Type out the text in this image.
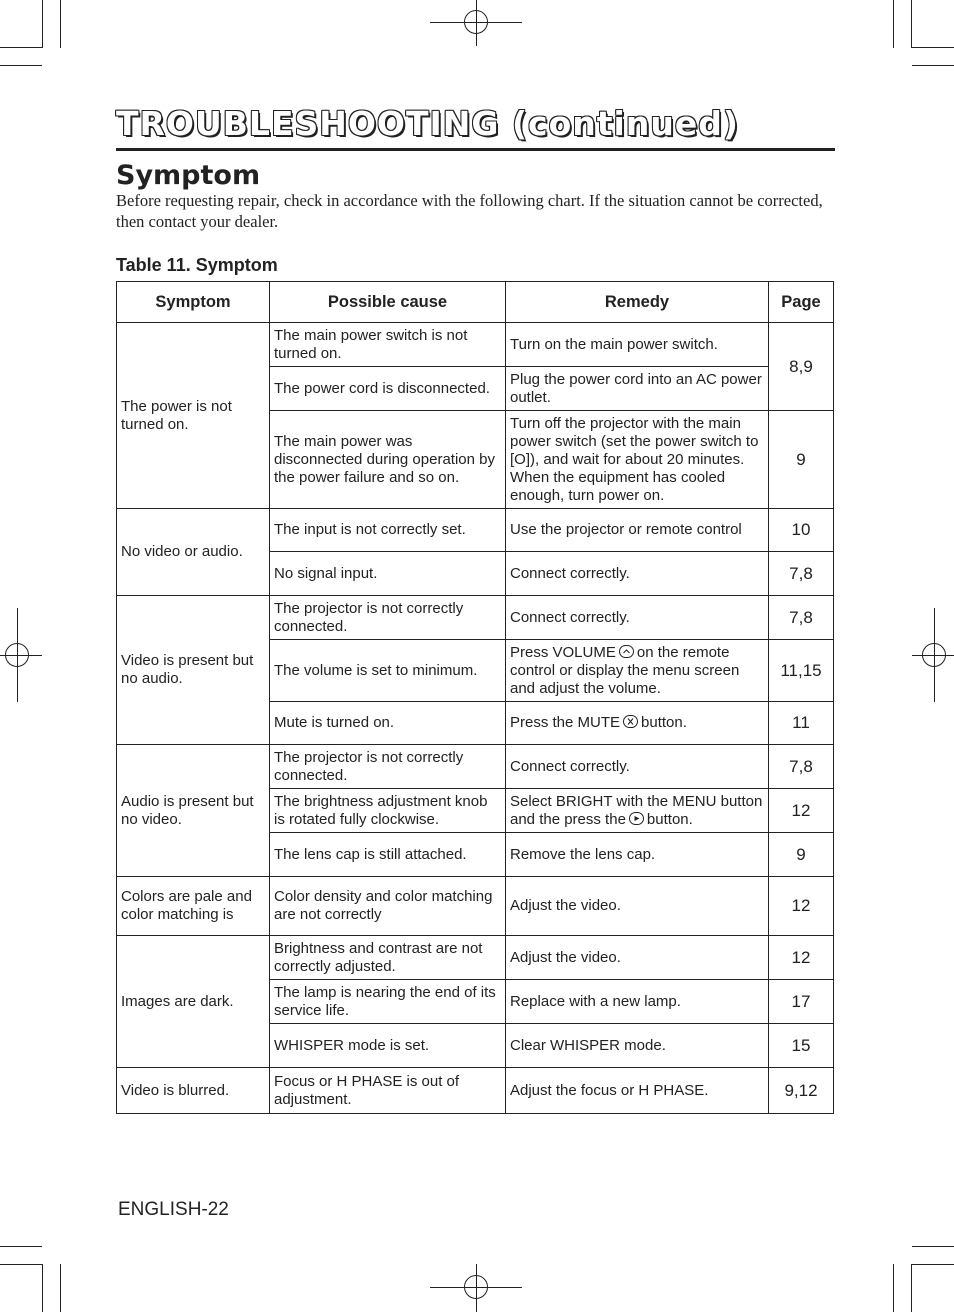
TROUBLESHOOTING (continued)
Symptom
Before requesting repair, check in accordance with the following chart. If the situation cannot be corrected, then contact your dealer.
Table 11. Symptom
Symptom	Possible cause	Remedy	Page
The power is not turned on.	The main power switch is not turned on.	Turn on the main power switch.	8,9
	The power cord is disconnected.	Plug the power cord into an AC power outlet.	
	The main power was disconnected during operation by the power failure and so on.	Turn off the projector with the main power switch (set the power switch to [O]), and wait for about 20 minutes. When the equipment has cooled enough, turn power on.	9
No video or audio.	The input is not correctly set.	Use the projector or remote control	10
	No signal input.	Connect correctly.	7,8
Video is present but no audio.	The projector is not correctly connected.	Connect correctly.	7,8
	The volume is set to minimum.	Press VOLUME on the remote control or display the menu screen and adjust the volume.	11,15
	Mute is turned on.	Press the MUTE button.	11
Audio is present but no video.	The projector is not correctly connected.	Connect correctly.	7,8
	The brightness adjustment knob is rotated fully clockwise.	Select BRIGHT with the MENU button and the press the button.	12
	The lens cap is still attached.	Remove the lens cap.	9
Colors are pale and color matching is	Color density and color matching are not correctly	Adjust the video.	12
Images are dark.	Brightness and contrast are not correctly adjusted.	Adjust the video.	12
	The lamp is nearing the end of its service life.	Replace with a new lamp.	17
	WHISPER mode is set.	Clear WHISPER mode.	15
Video is blurred.	Focus or H PHASE is out of adjustment.	Adjust the focus or H PHASE.	9,12
ENGLISH-22
